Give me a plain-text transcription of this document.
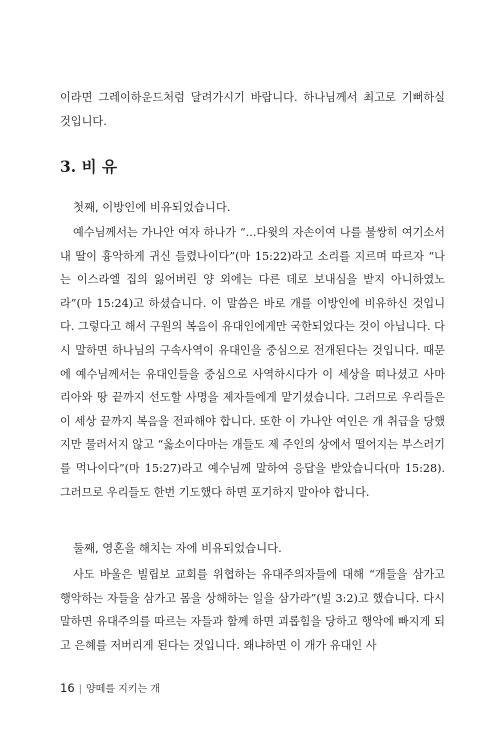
이라면 그레이하운드처럼 달려가시기 바랍니다. 하나님께서 최고로 기뻐하실 것입니다.

3. 비 유

첫째, 이방인에 비유되었습니다.

예수님께서는 가나안 여자 하나가 “...다윗의 자손이여 나를 불쌍히 여기소서 내 딸이 흉악하게 귀신 들렸나이다”(마 15:22)라고 소리를 지르며 따르자 “나는 이스라엘 집의 잃어버린 양 외에는 다른 데로 보내심을 받지 아니하였노라”(마 15:24)고 하셨습니다. 이 말씀은 바로 개를 이방인에 비유하신 것입니다. 그렇다고 해서 구원의 복음이 유대인에게만 국한되었다는 것이 아닙니다. 다시 말하면 하나님의 구속사역이 유대인을 중심으로 전개된다는 것입니다. 때문에 예수님께서는 유대인들을 중심으로 사역하시다가 이 세상을 떠나셨고 사마리아와 땅 끝까지 선도할 사명을 제자들에게 맡기셨습니다. 그러므로 우리들은 이 세상 끝까지 복음을 전파해야 합니다. 또한 이 가나안 여인은 개 취급을 당했지만 물러서지 않고 “옳소이다마는 개들도 제 주인의 상에서 떨어지는 부스러기를 먹나이다”(마 15:27)라고 예수님께 말하여 응답을 받았습니다(마 15:28). 그러므로 우리들도 한번 기도했다 하면 포기하지 말아야 합니다.

둘째, 영혼을 해치는 자에 비유되었습니다.

사도 바울은 빌립보 교회를 위협하는 유대주의자들에 대해 “개들을 삼가고 행악하는 자들을 삼가고 몸을 상해하는 일을 삼가라”(빌 3:2)고 했습니다. 다시 말하면 유대주의를 따르는 자들과 함께 하면 괴롭힘을 당하고 행악에 빠지게 되고 은혜를 저버리게 된다는 것입니다. 왜냐하면 이 개가 유대인 사

16 | 양떼를 지키는 개
